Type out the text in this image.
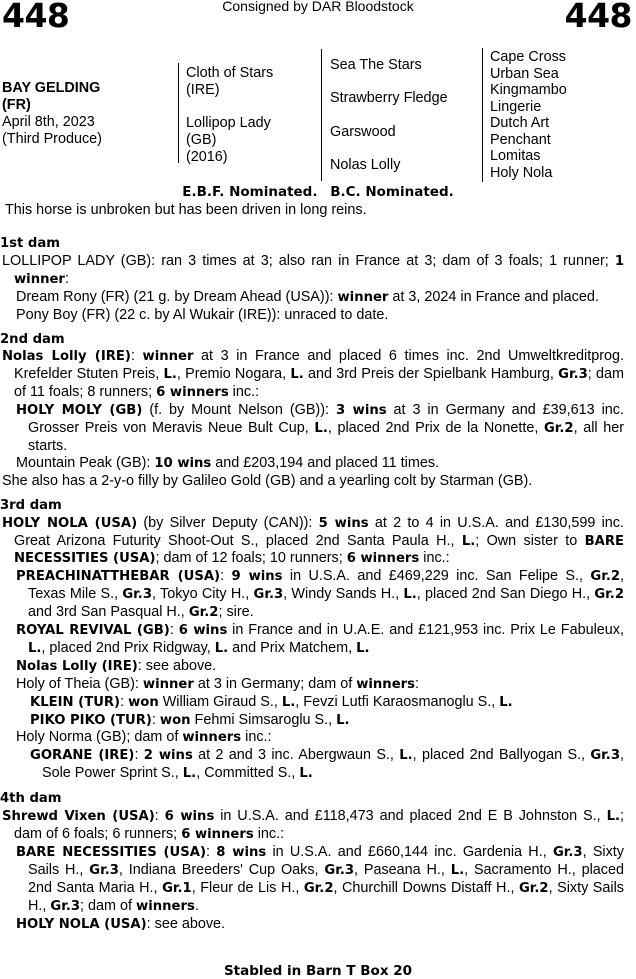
448	Consigned by DAR Bloodstock	448
BAY GELDING
(FR)
April 8th, 2023
(Third Produce)
Cloth of Stars
(IRE)
Lollipop Lady
(GB)
(2016)
Sea The Stars
Strawberry Fledge
Garswood
Nolas Lolly
Cape Cross
Urban Sea
Kingmambo
Lingerie
Dutch Art
Penchant
Lomitas
Holy Nola
E.B.F. Nominated. B.C. Nominated.
This horse is unbroken but has been driven in long reins.

1st dam

LOLLIPOP LADY (GB): ran 3 times at 3; also ran in France at 3; dam of 3 foals; 1 runner; 1 winner:

Dream Rony (FR) (21 g. by Dream Ahead (USA)): winner at 3, 2024 in France and placed.

Pony Boy (FR) (22 c. by Al Wukair (IRE)): unraced to date.

2nd dam

Nolas Lolly (IRE): winner at 3 in France and placed 6 times inc. 2nd Umweltkreditprog. Krefelder Stuten Preis, L., Premio Nogara, L. and 3rd Preis der Spielbank Hamburg, Gr.3; dam of 11 foals; 8 runners; 6 winners inc.:

HOLY MOLY (GB) (f. by Mount Nelson (GB)): 3 wins at 3 in Germany and £39,613 inc. Grosser Preis von Meravis Neue Bult Cup, L., placed 2nd Prix de la Nonette, Gr.2, all her starts.

Mountain Peak (GB): 10 wins and £203,194 and placed 11 times.

She also has a 2-y-o filly by Galileo Gold (GB) and a yearling colt by Starman (GB).

3rd dam

HOLY NOLA (USA) (by Silver Deputy (CAN)): 5 wins at 2 to 4 in U.S.A. and £130,599 inc. Great Arizona Futurity Shoot-Out S., placed 2nd Santa Paula H., L.; Own sister to BARE NECESSITIES (USA); dam of 12 foals; 10 runners; 6 winners inc.:

PREACHINATTHEBAR (USA): 9 wins in U.S.A. and £469,229 inc. San Felipe S., Gr.2, Texas Mile S., Gr.3, Tokyo City H., Gr.3, Windy Sands H., L., placed 2nd San Diego H., Gr.2 and 3rd San Pasqual H., Gr.2; sire.

ROYAL REVIVAL (GB): 6 wins in France and in U.A.E. and £121,953 inc. Prix Le Fabuleux, L., placed 2nd Prix Ridgway, L. and Prix Matchem, L.

Nolas Lolly (IRE): see above.

Holy of Theia (GB): winner at 3 in Germany; dam of winners:

KLEIN (TUR): won William Giraud S., L., Fevzi Lutfi Karaosmanoglu S., L.

PIKO PIKO (TUR): won Fehmi Simsaroglu S., L.

Holy Norma (GB); dam of winners inc.:

GORANE (IRE): 2 wins at 2 and 3 inc. Abergwaun S., L., placed 2nd Ballyogan S., Gr.3, Sole Power Sprint S., L., Committed S., L.

4th dam

Shrewd Vixen (USA): 6 wins in U.S.A. and £118,473 and placed 2nd E B Johnston S., L.; dam of 6 foals; 6 runners; 6 winners inc.:

BARE NECESSITIES (USA): 8 wins in U.S.A. and £660,144 inc. Gardenia H., Gr.3, Sixty Sails H., Gr.3, Indiana Breeders' Cup Oaks, Gr.3, Paseana H., L., Sacramento H., placed 2nd Santa Maria H., Gr.1, Fleur de Lis H., Gr.2, Churchill Downs Distaff H., Gr.2, Sixty Sails H., Gr.3; dam of winners.

HOLY NOLA (USA): see above.

Stabled in Barn T Box 20
